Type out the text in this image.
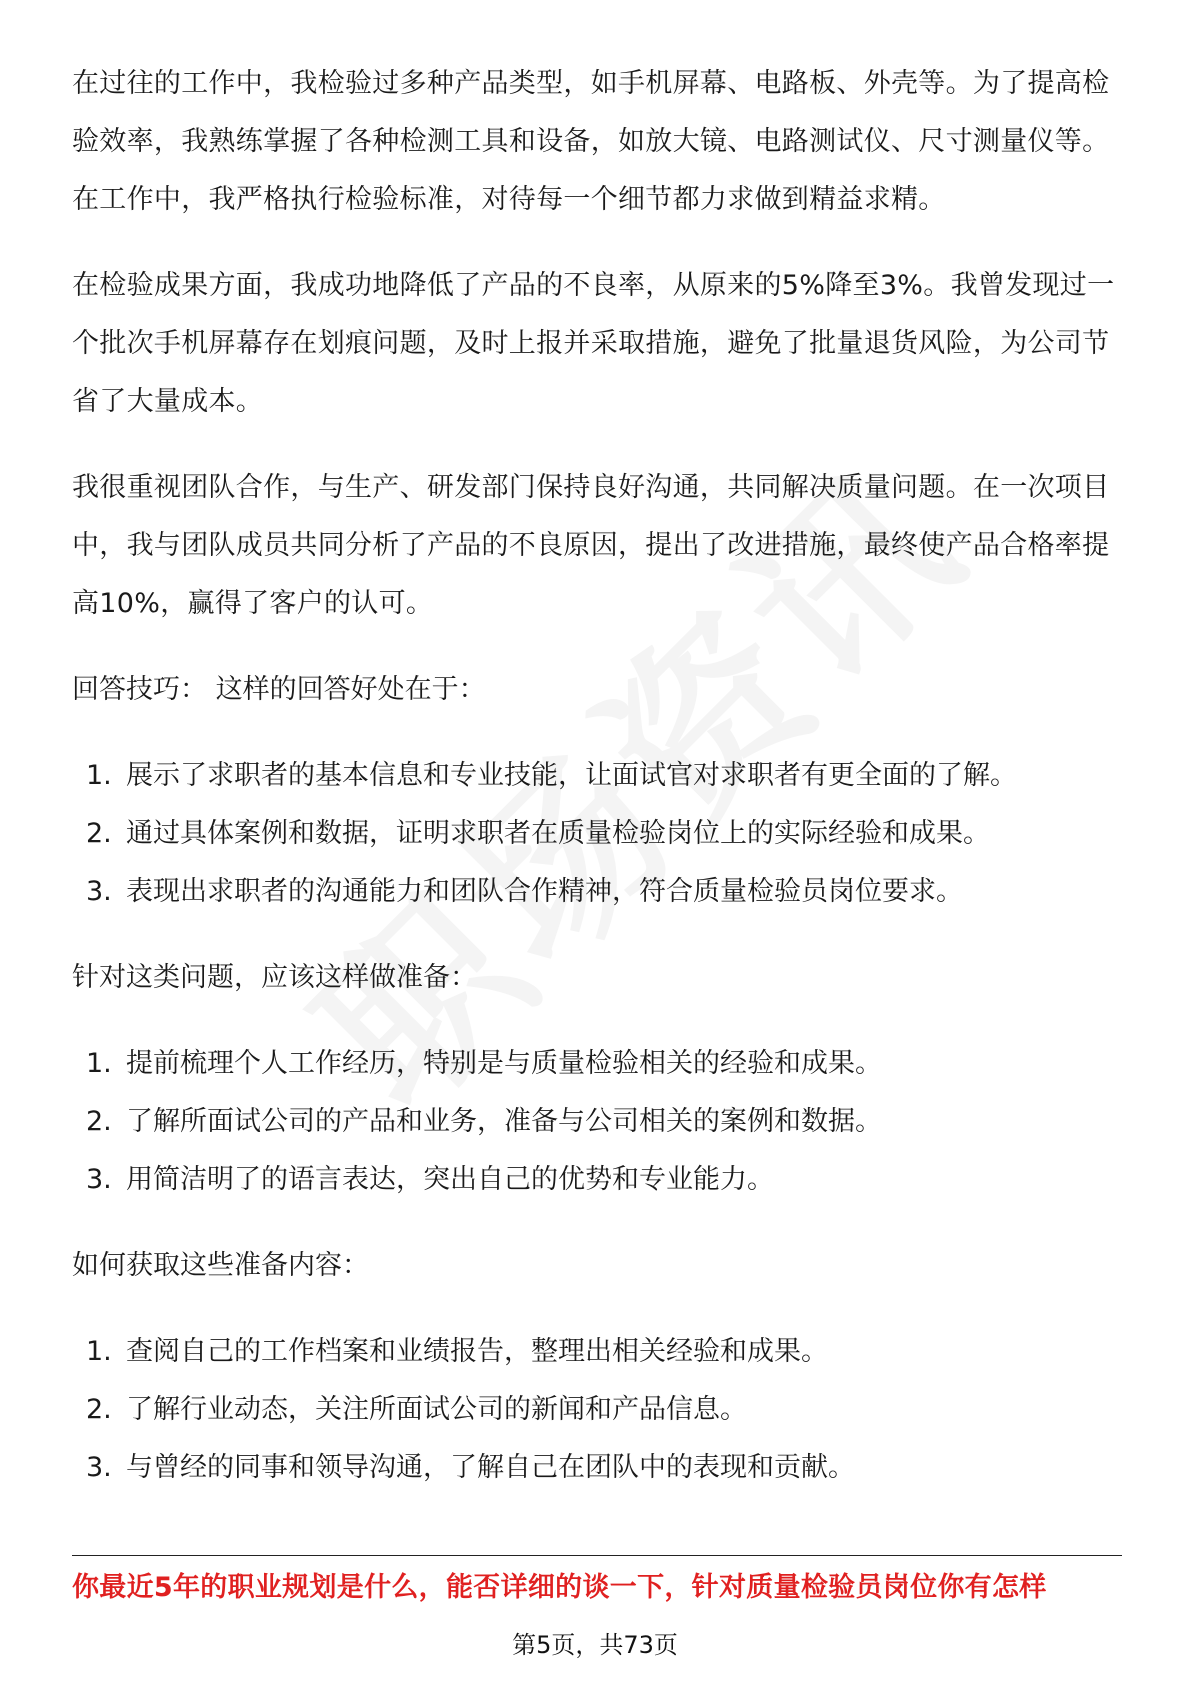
在过往的工作中，我检验过多种产品类型，如手机屏幕、电路板、外壳等。为了提高检验效率，我熟练掌握了各种检测工具和设备，如放大镜、电路测试仪、尺寸测量仪等。在工作中，我严格执行检验标准，对待每一个细节都力求做到精益求精。

在检验成果方面，我成功地降低了产品的不良率，从原来的5%降至3%。我曾发现过一个批次手机屏幕存在划痕问题，及时上报并采取措施，避免了批量退货风险，为公司节省了大量成本。

我很重视团队合作，与生产、研发部门保持良好沟通，共同解决质量问题。在一次项目中，我与团队成员共同分析了产品的不良原因，提出了改进措施，最终使产品合格率提高10%，赢得了客户的认可。

回答技巧： 这样的回答好处在于：

1. 展示了求职者的基本信息和专业技能，让面试官对求职者有更全面的了解。
2. 通过具体案例和数据，证明求职者在质量检验岗位上的实际经验和成果。
3. 表现出求职者的沟通能力和团队合作精神，符合质量检验员岗位要求。

针对这类问题，应该这样做准备：

1. 提前梳理个人工作经历，特别是与质量检验相关的经验和成果。
2. 了解所面试公司的产品和业务，准备与公司相关的案例和数据。
3. 用简洁明了的语言表达，突出自己的优势和专业能力。

如何获取这些准备内容：

1. 查阅自己的工作档案和业绩报告，整理出相关经验和成果。
2. 了解行业动态，关注所面试公司的新闻和产品信息。
3. 与曾经的同事和领导沟通，了解自己在团队中的表现和贡献。
你最近5年的职业规划是什么，能否详细的谈一下，针对质量检验员岗位你有怎样
第5页，共73页
